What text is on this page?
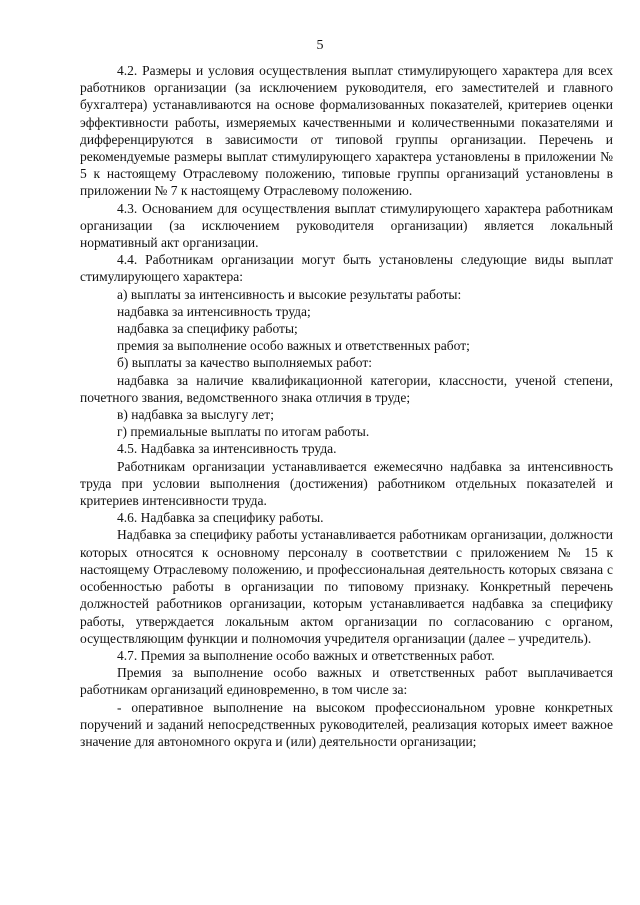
5

4.2. Размеры и условия осуществления выплат стимулирующего характера для всех работников организации (за исключением руководителя, его заместителей и главного бухгалтера) устанавливаются на основе формализованных показателей, критериев оценки эффективности работы, измеряемых качественными и количественными показателями и дифференцируются в зависимости от типовой группы организации. Перечень и рекомендуемые размеры выплат стимулирующего характера установлены в приложении № 5 к настоящему Отраслевому положению, типовые группы организаций установлены в приложении № 7 к настоящему Отраслевому положению.

4.3. Основанием для осуществления выплат стимулирующего характера работникам организации (за исключением руководителя организации) является локальный нормативный акт организации.

4.4. Работникам организации могут быть установлены следующие виды выплат стимулирующего характера:

а) выплаты за интенсивность и высокие результаты работы:

надбавка за интенсивность труда;

надбавка за специфику работы;

премия за выполнение особо важных и ответственных работ;

б) выплаты за качество выполняемых работ:

надбавка за наличие квалификационной категории, классности, ученой степени, почетного звания, ведомственного знака отличия в труде;

в) надбавка за выслугу лет;

г) премиальные выплаты по итогам работы.

4.5. Надбавка за интенсивность труда.

Работникам организации устанавливается ежемесячно надбавка за интенсивность труда при условии выполнения (достижения) работником отдельных показателей и критериев интенсивности труда.

4.6. Надбавка за специфику работы.

Надбавка за специфику работы устанавливается работникам организации, должности которых относятся к основному персоналу в соответствии с приложением № 15 к настоящему Отраслевому положению, и профессиональная деятельность которых связана с особенностью работы в организации по типовому признаку. Конкретный перечень должностей работников организации, которым устанавливается надбавка за специфику работы, утверждается локальным актом организации по согласованию с органом, осуществляющим функции и полномочия учредителя организации (далее – учредитель).

4.7. Премия за выполнение особо важных и ответственных работ.

Премия за выполнение особо важных и ответственных работ выплачивается работникам организаций единовременно, в том числе за:

- оперативное выполнение на высоком профессиональном уровне конкретных поручений и заданий непосредственных руководителей, реализация которых имеет важное значение для автономного округа и (или) деятельности организации;
